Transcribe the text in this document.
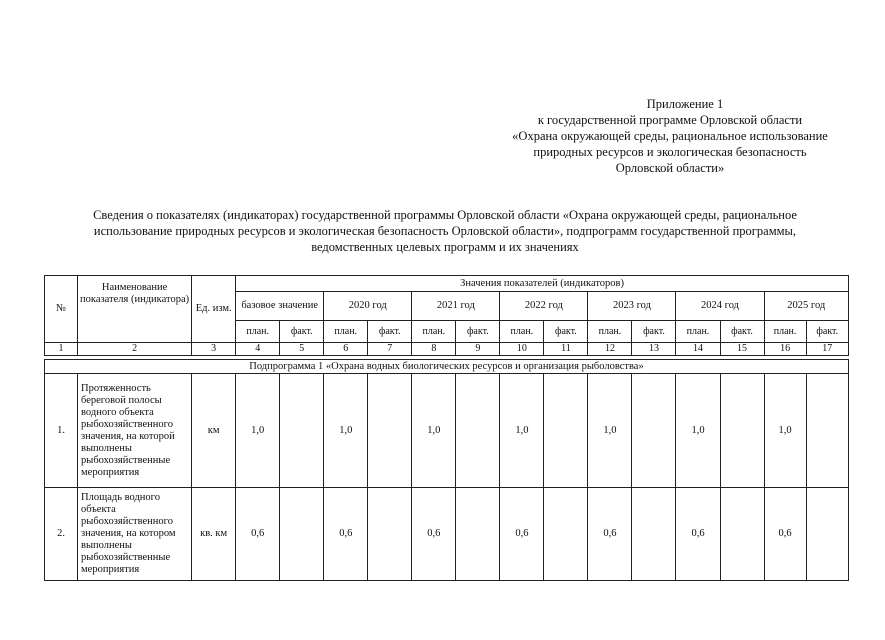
Приложение 1
к государственной программе Орловской области
«Охрана окружающей среды, рациональное использование
природных ресурсов и экологическая безопасность
Орловской области»
Сведения о показателях (индикаторах) государственной программы Орловской области «Охрана окружающей среды, рациональное
использование природных ресурсов и экологическая безопасность Орловской области», подпрограмм государственной программы,
ведомственных целевых программ и их значениях
№	Наименование показателя (индикатора)	Ед. изм.	Значения показателей (индикаторов)													
			базовое значение		2020 год		2021 год		2022 год		2023 год		2024 год		2025 год	
			план.	факт.	план.	факт.	план.	факт.	план.	факт.	план.	факт.	план.	факт.	план.	факт.
1	2	3	4	5	6	7	8	9	10	11	12	13	14	15	16	17

Подпрограмма 1 «Охрана водных биологических ресурсов и организация рыболовства»																
1.	Протяженность береговой полосы водного объекта рыбохозяйственного значения, на которой выполнены рыбохозяйственные мероприятия	км	1,0		1,0		1,0		1,0		1,0		1,0		1,0	
2.	Площадь водного объекта рыбохозяйственного значения, на котором выполнены рыбохозяйственные мероприятия	кв. км	0,6		0,6		0,6		0,6		0,6		0,6		0,6	
